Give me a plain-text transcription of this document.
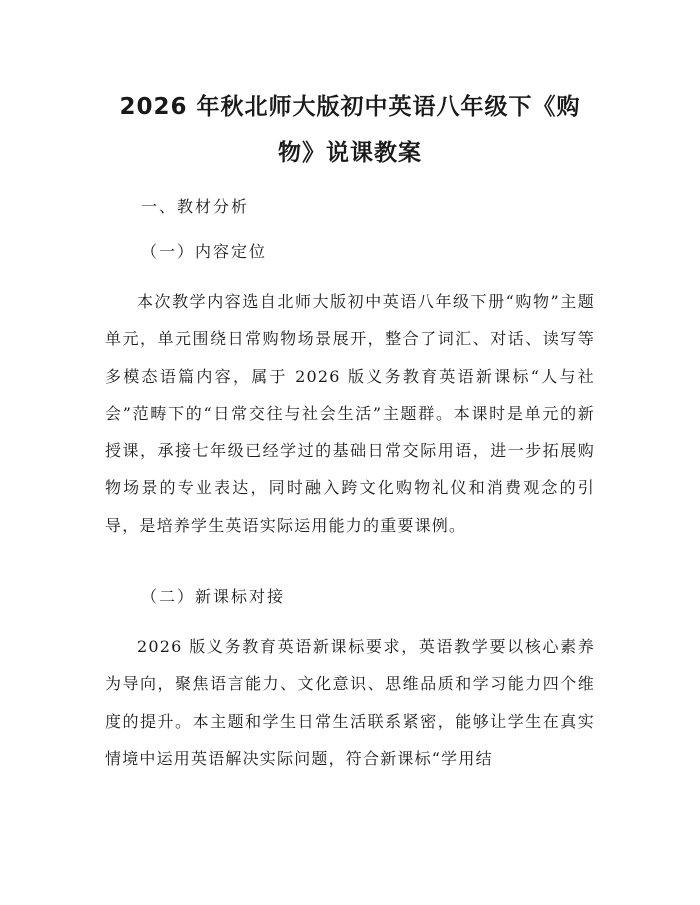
2026 年秋北师大版初中英语八年级下《购
物》说课教案

一、教材分析

（一）内容定位

本次教学内容选自北师大版初中英语八年级下册“购物”主题单元，单元围绕日常购物场景展开，整合了词汇、对话、读写等多模态语篇内容，属于 2026 版义务教育英语新课标“人与社会”范畴下的“日常交往与社会生活”主题群。本课时是单元的新授课，承接七年级已经学过的基础日常交际用语，进一步拓展购物场景的专业表达，同时融入跨文化购物礼仪和消费观念的引导，是培养学生英语实际运用能力的重要课例。

（二）新课标对接

2026 版义务教育英语新课标要求，英语教学要以核心素养为导向，聚焦语言能力、文化意识、思维品质和学习能力四个维度的提升。本主题和学生日常生活联系紧密，能够让学生在真实情境中运用英语解决实际问题，符合新课标“学用结
